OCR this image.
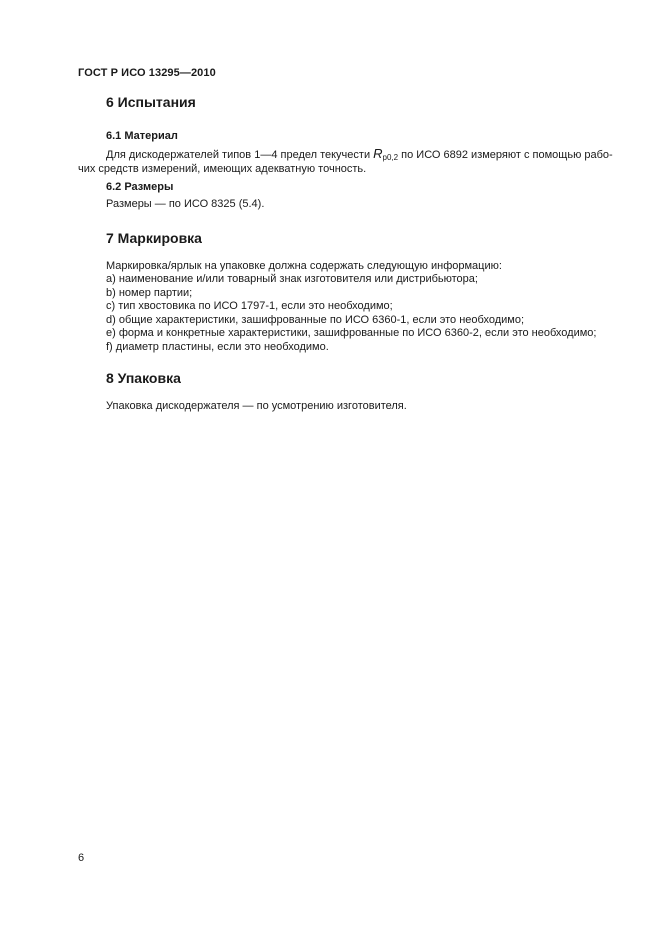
ГОСТ Р ИСО 13295—2010
6 Испытания
6.1 Материал

Для дискодержателей типов 1—4 предел текучести $R_{p0,2}$ по ИСО 6892 измеряют с помощью рабо-

чих средств измерений, имеющих адекватную точность.

6.2 Размеры

Размеры — по ИСО 8325 (5.4).

7 Маркировка

Маркировка/ярлык на упаковке должна содержать следующую информацию:

a) наименование и/или товарный знак изготовителя или дистрибьютора;
b) номер партии;
c) тип хвостовика по ИСО 1797-1, если это необходимо;
d) общие характеристики, зашифрованные по ИСО 6360-1, если это необходимо;
e) форма и конкретные характеристики, зашифрованные по ИСО 6360-2, если это необходимо;
f) диаметр пластины, если это необходимо.
8 Упаковка

Упаковка дискодержателя — по усмотрению изготовителя.

6
